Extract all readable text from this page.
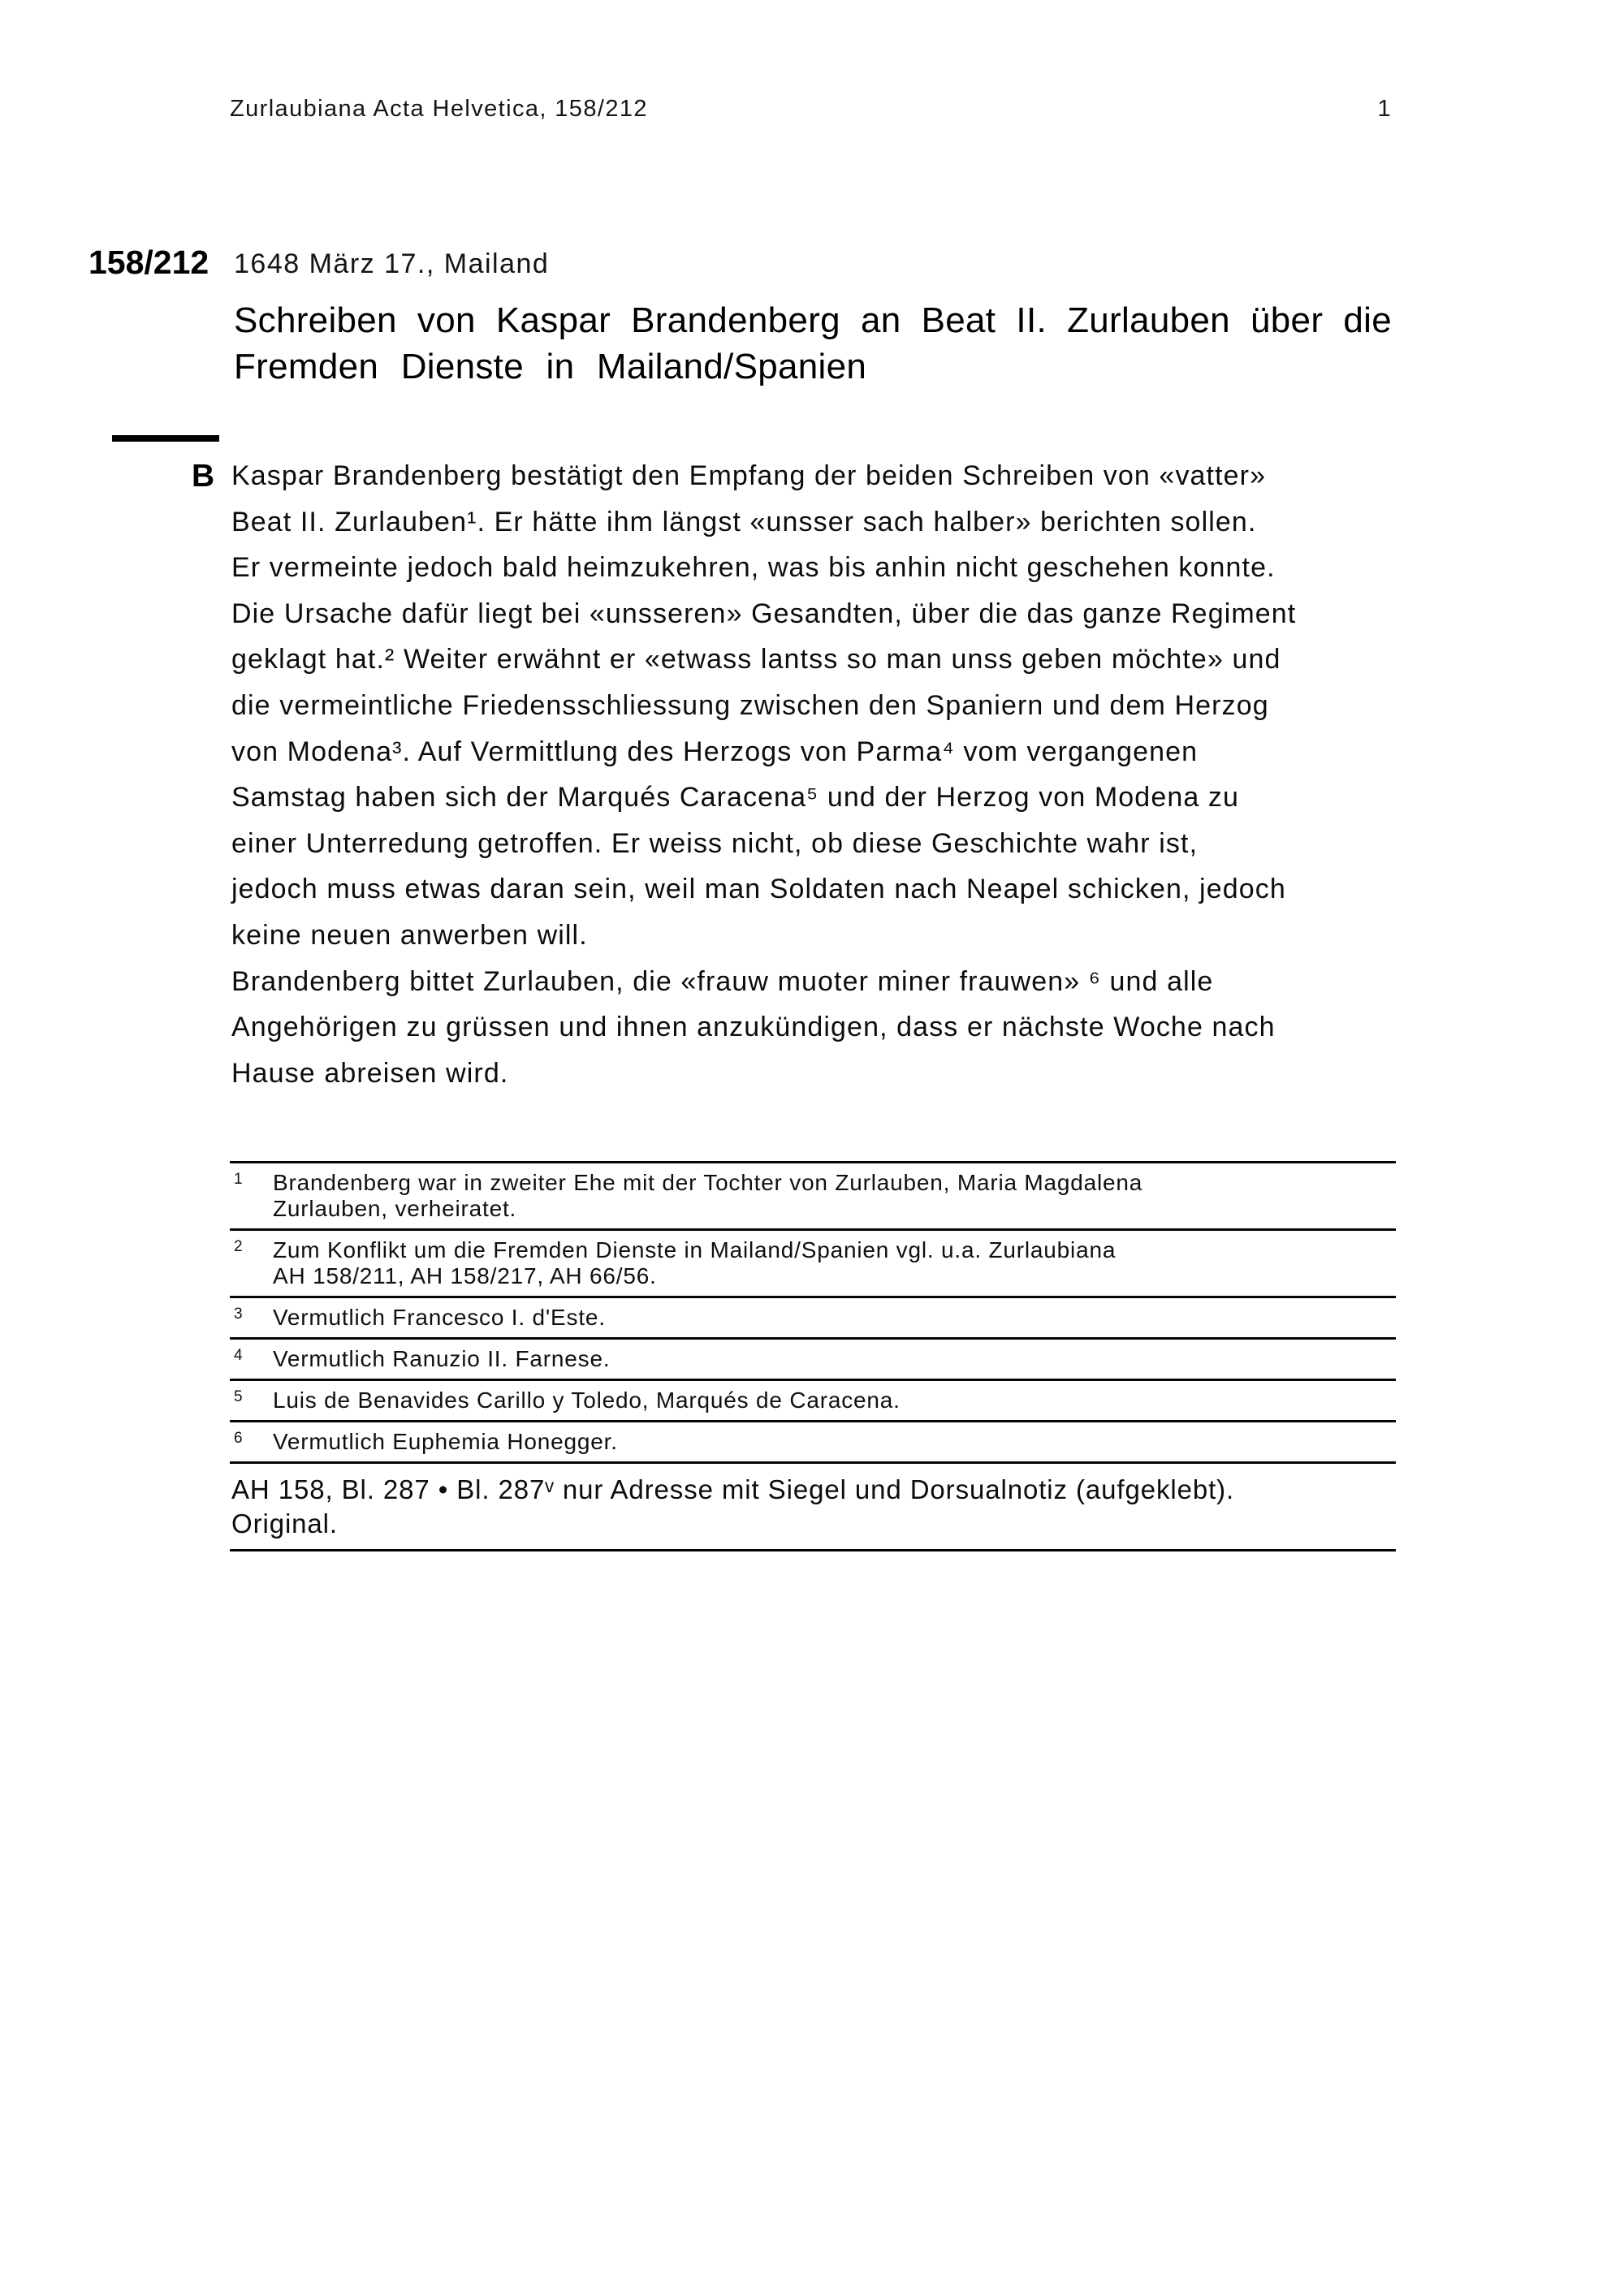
Zurlaubiana Acta Helvetica, 158/212	1
158/212 1648 März 17., Mailand
Schreiben von Kaspar Brandenberg an Beat II. Zurlauben über die
Fremden Dienste in Mailand/Spanien
B Kaspar Brandenberg bestätigt den Empfang der beiden Schreiben von «vatter»
Beat II. Zurlauben¹. Er hätte ihm längst «unsser sach halber» berichten sollen.
Er vermeinte jedoch bald heimzukehren, was bis anhin nicht geschehen konnte.
Die Ursache dafür liegt bei «unsseren» Gesandten, über die das ganze Regiment
geklagt hat.² Weiter erwähnt er «etwass lantss so man unss geben möchte» und
die vermeintliche Friedensschliessung zwischen den Spaniern und dem Herzog
von Modena³. Auf Vermittlung des Herzogs von Parma⁴ vom vergangenen
Samstag haben sich der Marqués Caracena⁵ und der Herzog von Modena zu
einer Unterredung getroffen. Er weiss nicht, ob diese Geschichte wahr ist,
jedoch muss etwas daran sein, weil man Soldaten nach Neapel schicken, jedoch
keine neuen anwerben will.
Brandenberg bittet Zurlauben, die «frauw muoter miner frauwen» ⁶ und alle
Angehörigen zu grüssen und ihnen anzukündigen, dass er nächste Woche nach
Hause abreisen wird.
1	Brandenberg war in zweiter Ehe mit der Tochter von Zurlauben, Maria Magdalena
Zurlauben, verheiratet.
2	Zum Konflikt um die Fremden Dienste in Mailand/Spanien vgl. u.a. Zurlaubiana
AH 158/211, AH 158/217, AH 66/56.
3	Vermutlich Francesco I. d'Este.
4	Vermutlich Ranuzio II. Farnese.
5	Luis de Benavides Carillo y Toledo, Marqués de Caracena.
6	Vermutlich Euphemia Honegger.
AH 158, Bl. 287 • Bl. 287ᵛ nur Adresse mit Siegel und Dorsualnotiz (aufgeklebt).
Original.
